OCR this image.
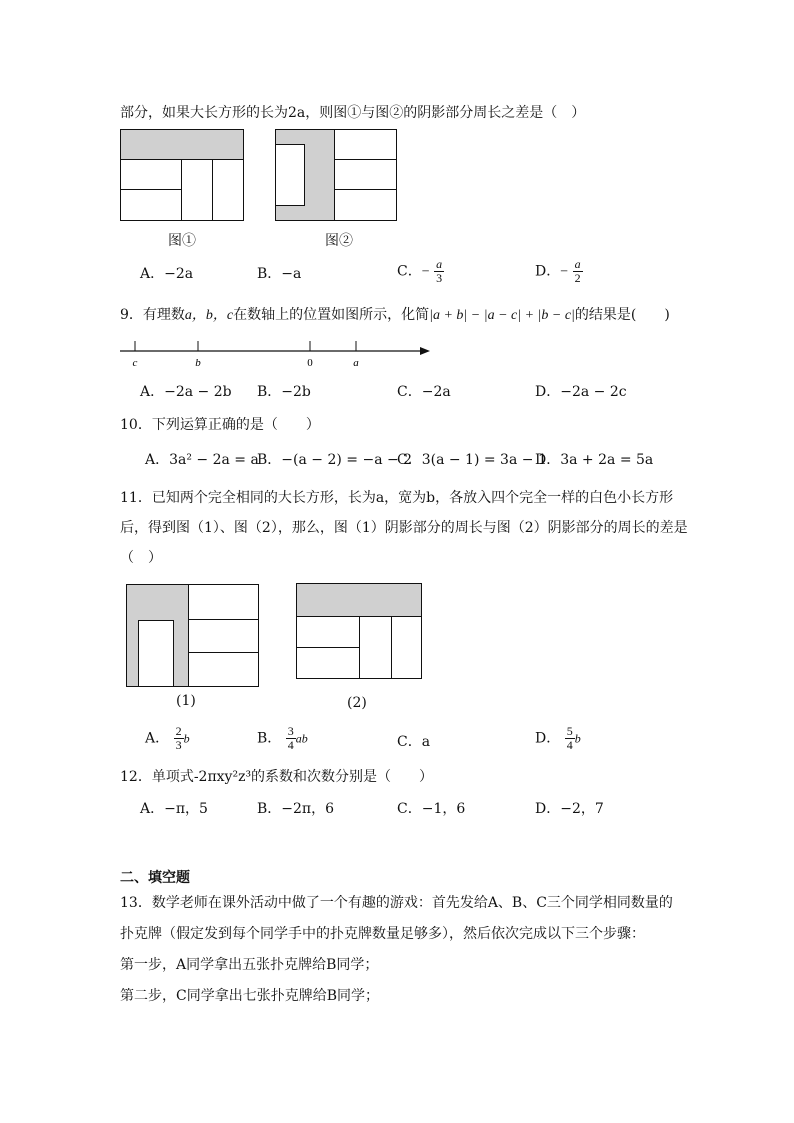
部分，如果大长方形的长为2a，则图①与图②的阴影部分周长之差是（　）
图①	图②
A．−2a	B．−a	C．− $\frac{a}{3}$	D．− $\frac{a}{2}$
9．有理数a，b，c在数轴上的位置如图所示，化简|a + b| − |a − c| + |b − c|的结果是(　　)
c	b	0	a
A．−2a − 2b B．−2b	C．−2a	D．−2a − 2c
10．下列运算正确的是（　　）
A．3a² − 2a = a
B．−(a − 2) = −a − 2
C．3(a − 1) = 3a − 1
D．3a + 2a = 5a
11．已知两个完全相同的大长方形，长为a，宽为b，各放入四个完全一样的白色小长方形
后，得到图（1）、图（2），那么，图（1）阴影部分的周长与图（2）阴影部分的周长的差是
（　）
(1)	(2)
A． $\frac{2}{3}$ b	B． $\frac{3}{4}$ ab	C．a	D． $\frac{5}{4}$ b
12．单项式-2πxy²z³的系数和次数分别是（　　）
A．−π，5	B．−2π，6	C．−1，6	D．−2，7
二、填空题
13．数学老师在课外活动中做了一个有趣的游戏：首先发给A、B、C三个同学相同数量的
扑克牌（假定发到每个同学手中的扑克牌数量足够多），然后依次完成以下三个步骤：
第一步，A同学拿出五张扑克牌给B同学；
第二步，C同学拿出七张扑克牌给B同学；
